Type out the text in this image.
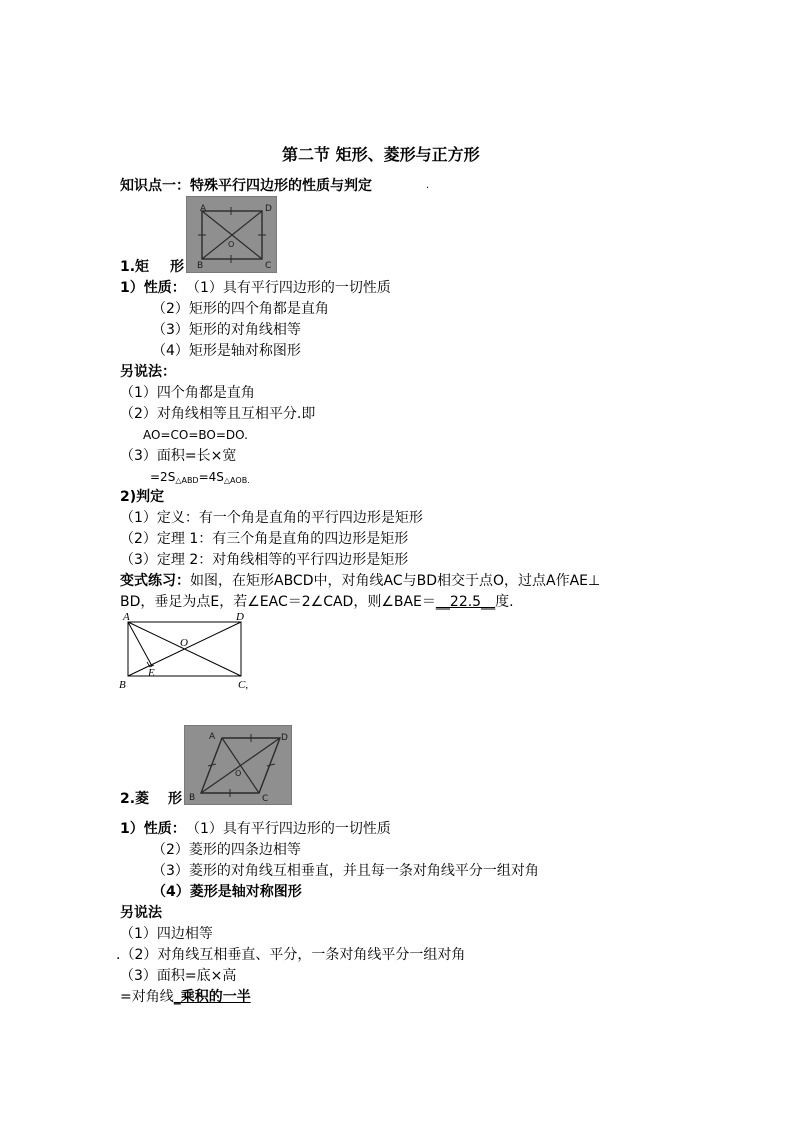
第二节 矩形、菱形与正方形
知识点一：特殊平行四边形的性质与判定	.
A	D
B	C
O
1.矩 形
1）性质： （1）具有平行四边形的一切性质
（2）矩形的四个角都是直角
（3）矩形的对角线相等
（4）矩形是轴对称图形
另说法：
（1）四个角都是直角
（2）对角线相等且互相平分.即
AO=CO=BO=DO.
（3）面积=长×宽
$=2S_{\triangle ABD}=4S_{\triangle AOB.}$
2)判定
（1）定义：有一个角是直角的平行四边形是矩形
（2）定理 1：有三个角是直角的四边形是矩形
（3）定理 2：对角线相等的平行四边形是矩形
变式练习：如图，在矩形ABCD中，对角线AC与BD相交于点O，过点A作AE⊥
BD，垂足为点E，若∠EAC＝2∠CAD，则∠BAE＝__22.5__度.
A	D
B	C,
O
E
A	D
B	C
O
2.菱 形
1）性质： （1）具有平行四边形的一切性质
（2）菱形的四条边相等
（3）菱形的对角线互相垂直，并且每一条对角线平分一组对角
（4）菱形是轴对称图形
另说法
（1）四边相等
.（2）对角线互相垂直、平分，一条对角线平分一组对角
（3）面积=底×高
=对角线_乘积的一半
